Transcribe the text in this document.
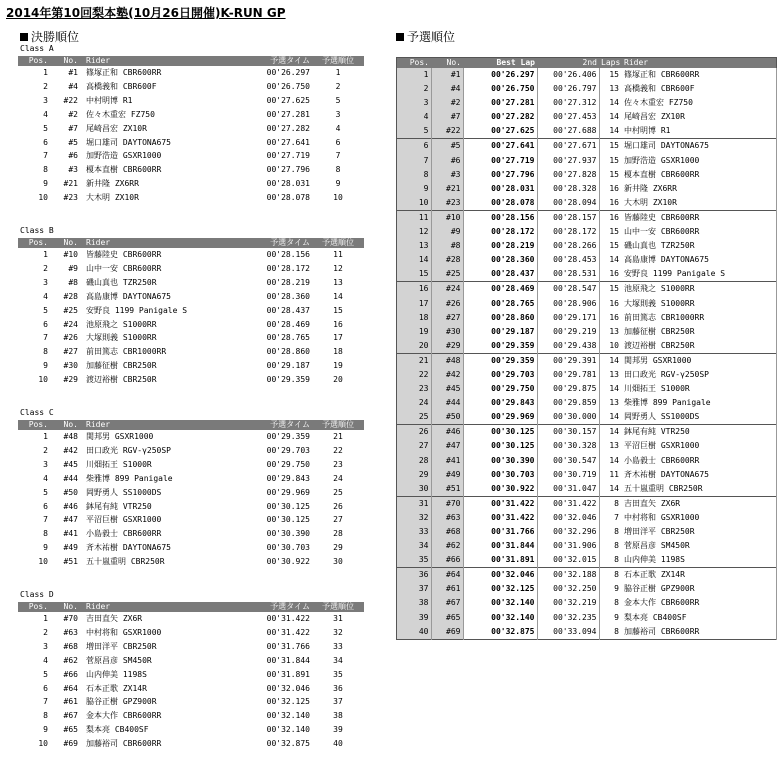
2014年第10回梨本塾(10月26日開催)K-RUN GP
決勝順位	予選順位
Class A
Pos.	No.	Rider	予選タイム	予選順位
1	#1	篠塚正和 CBR600RR	00'26.297	1
2	#4	高橋義和 CBR600F	00'26.750	2
3	#22	中村明博 R1	00'27.625	5
4	#2	佐々木重宏 FZ750	00'27.281	3
5	#7	尾崎昌宏 ZX10R	00'27.282	4
6	#5	堀口雄司 DAYTONA675	00'27.641	6
7	#6	加野浩造 GSXR1000	00'27.719	7
8	#3	榎本直樹 CBR600RR	00'27.796	8
9	#21	新井隆 ZX6RR	00'28.031	9
10	#23	大木明 ZX10R	00'28.078	10
Class B
Pos.	No.	Rider	予選タイム	予選順位
1	#10	皆藤陸史 CBR600RR	00'28.156	11
2	#9	山中一安 CBR600RR	00'28.172	12
3	#8	磯山真也 TZR250R	00'28.219	13
4	#28	高島康博 DAYTONA675	00'28.360	14
5	#25	安野良 1199 Panigale S	00'28.437	15
6	#24	池原飛之 S1000RR	00'28.469	16
7	#26	大塚則義 S1000RR	00'28.765	17
8	#27	前田篤志 CBR1000RR	00'28.860	18
9	#30	加藤征樹 CBR250R	00'29.187	19
10	#29	渡辺裕樹 CBR250R	00'29.359	20
Class C
Pos.	No.	Rider	予選タイム	予選順位
1	#48	関邦男 GSXR1000	00'29.359	21
2	#42	田口政光 RGV-γ250SP	00'29.703	22
3	#45	川畑拓王 S1000R	00'29.750	23
4	#44	柴雅博 899 Panigale	00'29.843	24
5	#50	岡野勇人 SS1000DS	00'29.969	25
6	#46	鉢尾有純 VTR250	00'30.125	26
7	#47	平沼巨樹 GSXR1000	00'30.125	27
8	#41	小島毅士 CBR600RR	00'30.390	28
9	#49	斉木祐樹 DAYTONA675	00'30.703	29
10	#51	五十嵐重明 CBR250R	00'30.922	30
Class D
Pos.	No.	Rider	予選タイム	予選順位
1	#70	吉田直矢 ZX6R	00'31.422	31
2	#63	中村将和 GSXR1000	00'31.422	32
3	#68	増田洋平 CBR250R	00'31.766	33
4	#62	菅原昌彦 SM450R	00'31.844	34
5	#66	山内伸美 1198S	00'31.891	35
6	#64	石本正歌 ZX14R	00'32.046	36
7	#61	脇谷正樹 GPZ900R	00'32.125	37
8	#67	金本大作 CBR600RR	00'32.140	38
9	#65	梨本亮 CB400SF	00'32.140	39
10	#69	加藤裕司 CBR600RR	00'32.875	40
Pos.	No.	Best Lap	2nd	Laps	Rider
1	#1	00'26.297	00'26.406	15	篠塚正和 CBR600RR
2	#4	00'26.750	00'26.797	13	高橋義和 CBR600F
3	#2	00'27.281	00'27.312	14	佐々木重宏 FZ750
4	#7	00'27.282	00'27.453	14	尾崎昌宏 ZX10R
5	#22	00'27.625	00'27.688	14	中村明博 R1
6	#5	00'27.641	00'27.671	15	堀口雄司 DAYTONA675
7	#6	00'27.719	00'27.937	15	加野浩造 GSXR1000
8	#3	00'27.796	00'27.828	15	榎本直樹 CBR600RR
9	#21	00'28.031	00'28.328	16	新井隆 ZX6RR
10	#23	00'28.078	00'28.094	16	大木明 ZX10R
11	#10	00'28.156	00'28.157	16	皆藤陸史 CBR600RR
12	#9	00'28.172	00'28.172	15	山中一安 CBR600RR
13	#8	00'28.219	00'28.266	15	磯山真也 TZR250R
14	#28	00'28.360	00'28.453	14	高島康博 DAYTONA675
15	#25	00'28.437	00'28.531	16	安野良 1199 Panigale S
16	#24	00'28.469	00'28.547	15	池原飛之 S1000RR
17	#26	00'28.765	00'28.906	16	大塚則義 S1000RR
18	#27	00'28.860	00'29.171	16	前田篤志 CBR1000RR
19	#30	00'29.187	00'29.219	13	加藤征樹 CBR250R
20	#29	00'29.359	00'29.438	10	渡辺裕樹 CBR250R
21	#48	00'29.359	00'29.391	14	関邦男 GSXR1000
22	#42	00'29.703	00'29.781	13	田口政光 RGV-γ250SP
23	#45	00'29.750	00'29.875	14	川畑拓王 S1000R
24	#44	00'29.843	00'29.859	13	柴雅博 899 Panigale
25	#50	00'29.969	00'30.000	14	岡野勇人 SS1000DS
26	#46	00'30.125	00'30.157	14	鉢尾有純 VTR250
27	#47	00'30.125	00'30.328	13	平沼巨樹 GSXR1000
28	#41	00'30.390	00'30.547	14	小島毅士 CBR600RR
29	#49	00'30.703	00'30.719	11	斉木祐樹 DAYTONA675
30	#51	00'30.922	00'31.047	14	五十嵐重明 CBR250R
31	#70	00'31.422	00'31.422	8	吉田直矢 ZX6R
32	#63	00'31.422	00'32.046	7	中村将和 GSXR1000
33	#68	00'31.766	00'32.296	8	増田洋平 CBR250R
34	#62	00'31.844	00'31.906	8	菅原昌彦 SM450R
35	#66	00'31.891	00'32.015	8	山内伸美 1198S
36	#64	00'32.046	00'32.188	8	石本正歌 ZX14R
37	#61	00'32.125	00'32.250	9	脇谷正樹 GPZ900R
38	#67	00'32.140	00'32.219	8	金本大作 CBR600RR
39	#65	00'32.140	00'32.235	9	梨本亮 CB400SF
40	#69	00'32.875	00'33.094	8	加藤裕司 CBR600RR
